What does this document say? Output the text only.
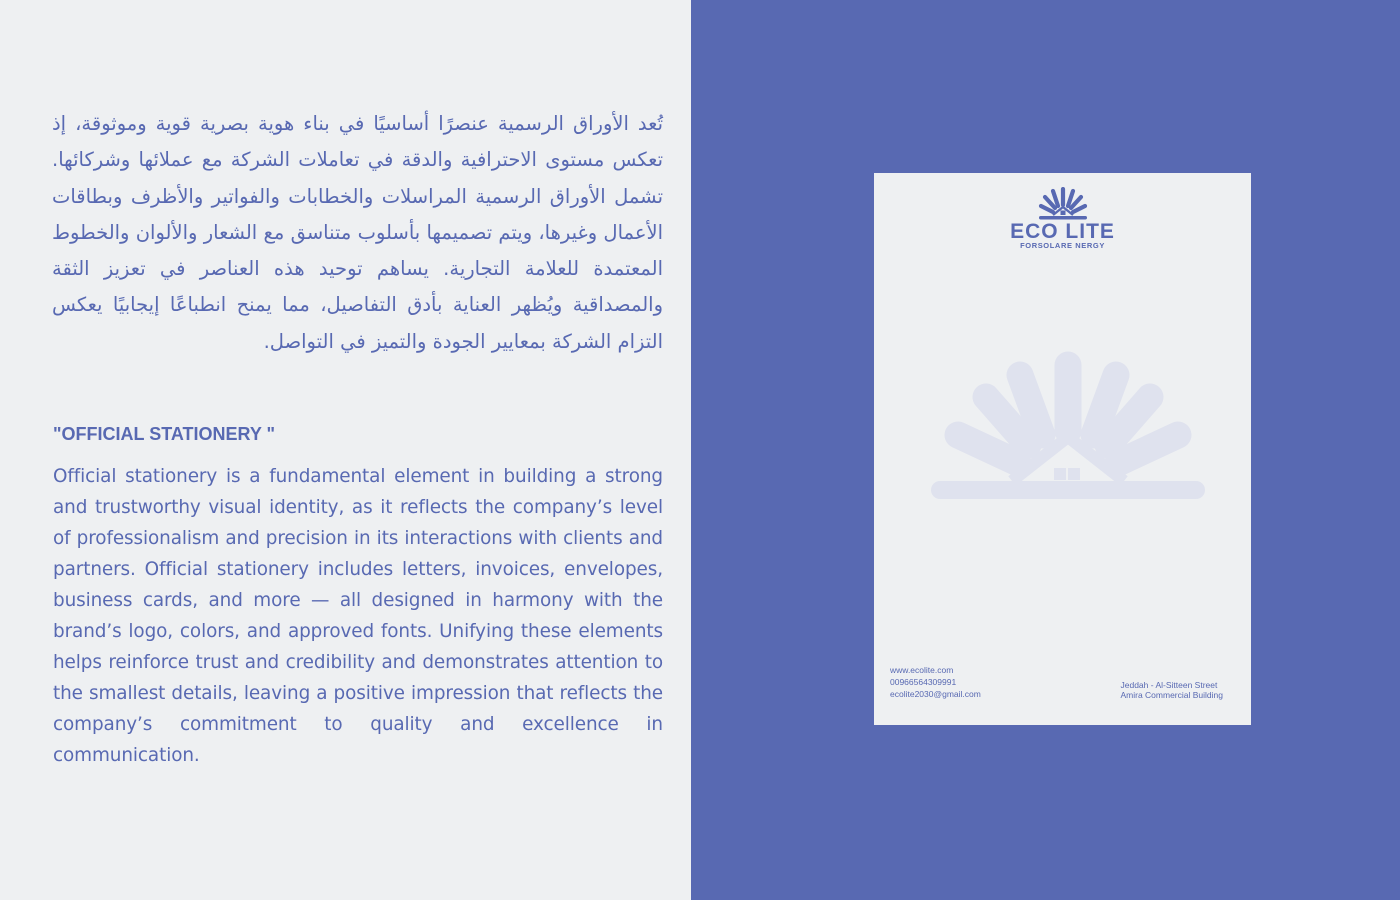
تُعد الأوراق الرسمية عنصرًا أساسيًا في بناء هوية بصرية قوية وموثوقة، إذ تعكس مستوى الاحترافية والدقة في تعاملات الشركة مع عملائها وشركائها. تشمل الأوراق الرسمية المراسلات والخطابات والفواتير والأظرف وبطاقات الأعمال وغيرها، ويتم تصميمها بأسلوب متناسق مع الشعار والألوان والخطوط المعتمدة للعلامة التجارية. يساهم توحيد هذه العناصر في تعزيز الثقة والمصداقية ويُظهر العناية بأدق التفاصيل، مما يمنح انطباعًا إيجابيًا يعكس التزام الشركة بمعايير الجودة والتميز في التواصل.
"OFFICIAL STATIONERY "
Official stationery is a fundamental element in building a strong and trustworthy visual identity, as it reflects the company’s level of professionalism and precision in its interactions with clients and partners. Official stationery includes letters, invoices, envelopes, business cards, and more — all designed in harmony with the brand’s logo, colors, and approved fonts. Unifying these elements helps reinforce trust and credibility and demonstrates attention to the smallest details, leaving a positive impression that reflects the company’s commitment to quality and excellence in communication.
ECO LITE
FORSOLARE NERGY
www.ecolite.com
00966564309991
ecolite2030@gmail.com
Jeddah - Al-Sitteen Street
Amira Commercial Building
